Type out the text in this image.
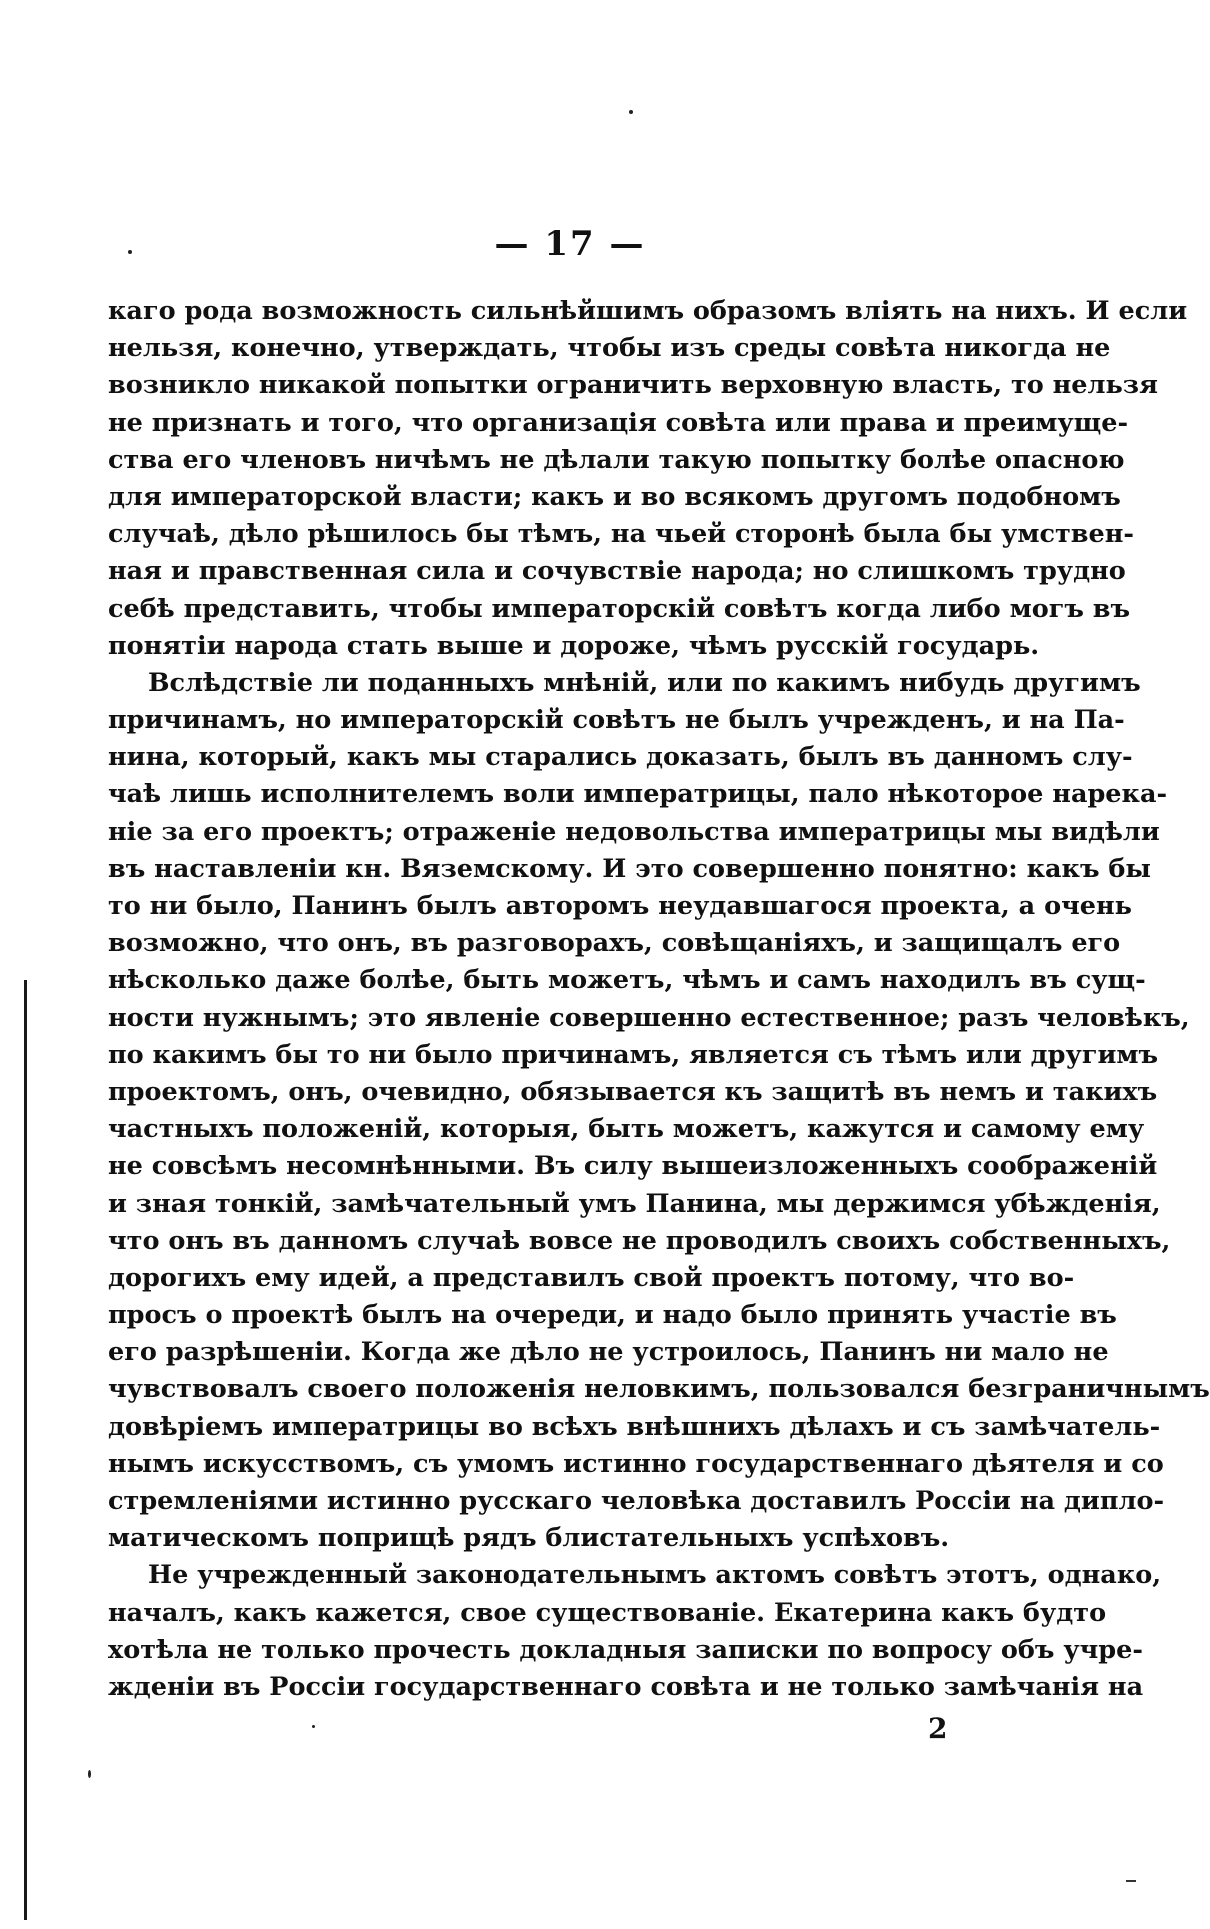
— 17 —
каго рода возможность сильнѣйшимъ образомъ влiять на нихъ. И если
нельзя, конечно, утверждать, чтобы изъ среды совѣта никогда не
возникло никакой попытки ограничить верховную власть, то нельзя
не признать и того, что организацiя совѣта или права и преимуще-
ства его членовъ ничѣмъ не дѣлали такую попытку болѣе опасною
для императорской власти; какъ и во всякомъ другомъ подобномъ
случаѣ, дѣло рѣшилось бы тѣмъ, на чьей сторонѣ была бы умствен-
ная и правственная сила и сочувствiе народа; но слишкомъ трудно
себѣ представить, чтобы императорскiй совѣтъ когда либо могъ въ
понятiи народа стать выше и дороже, чѣмъ русскiй государь.
Вслѣдствiе ли поданныхъ мнѣнiй, или по какимъ нибудь другимъ
причинамъ, но императорскiй совѣтъ не былъ учрежденъ, и на Па-
нина, который, какъ мы старались доказать, былъ въ данномъ слу-
чаѣ лишь исполнителемъ воли императрицы, пало нѣкоторое нарека-
нiе за его проектъ; отраженiе недовольства императрицы мы видѣли
въ наставленiи кн. Вяземскому. И это совершенно понятно: какъ бы
то ни было, Панинъ былъ авторомъ неудавшагося проекта, а очень
возможно, что онъ, въ разговорахъ, совѣщанiяхъ, и защищалъ его
нѣсколько даже болѣе, быть можетъ, чѣмъ и самъ находилъ въ сущ-
ности нужнымъ; это явленiе совершенно естественное; разъ человѣкъ,
по какимъ бы то ни было причинамъ, является съ тѣмъ или другимъ
проектомъ, онъ, очевидно, обязывается къ защитѣ въ немъ и такихъ
частныхъ положенiй, которыя, быть можетъ, кажутся и самому ему
не совсѣмъ несомнѣнными. Въ силу вышеизложенныхъ соображенiй
и зная тонкiй, замѣчательный умъ Панина, мы держимся убѣжденiя,
что онъ въ данномъ случаѣ вовсе не проводилъ своихъ собственныхъ,
дорогихъ ему идей, а представилъ свой проектъ потому, что во-
просъ о проектѣ былъ на очереди, и надо было принять участiе въ
его разрѣшенiи. Когда же дѣло не устроилось, Панинъ ни мало не
чувствовалъ своего положенiя неловкимъ, пользовался безграничнымъ
довѣрiемъ императрицы во всѣхъ внѣшнихъ дѣлахъ и съ замѣчатель-
нымъ искусствомъ, съ умомъ истинно государственнаго дѣятеля и со
стремленiями истинно русскаго человѣка доставилъ Россiи на дипло-
матическомъ поприщѣ рядъ блистательныхъ успѣховъ.
Не учрежденный законодательнымъ актомъ совѣтъ этотъ, однако,
началъ, какъ кажется, свое существованiе. Екатерина какъ будто
хотѣла не только прочесть докладныя записки по вопросу объ учре-
жденiи въ Россiи государственнаго совѣта и не только замѣчанiя на
2
